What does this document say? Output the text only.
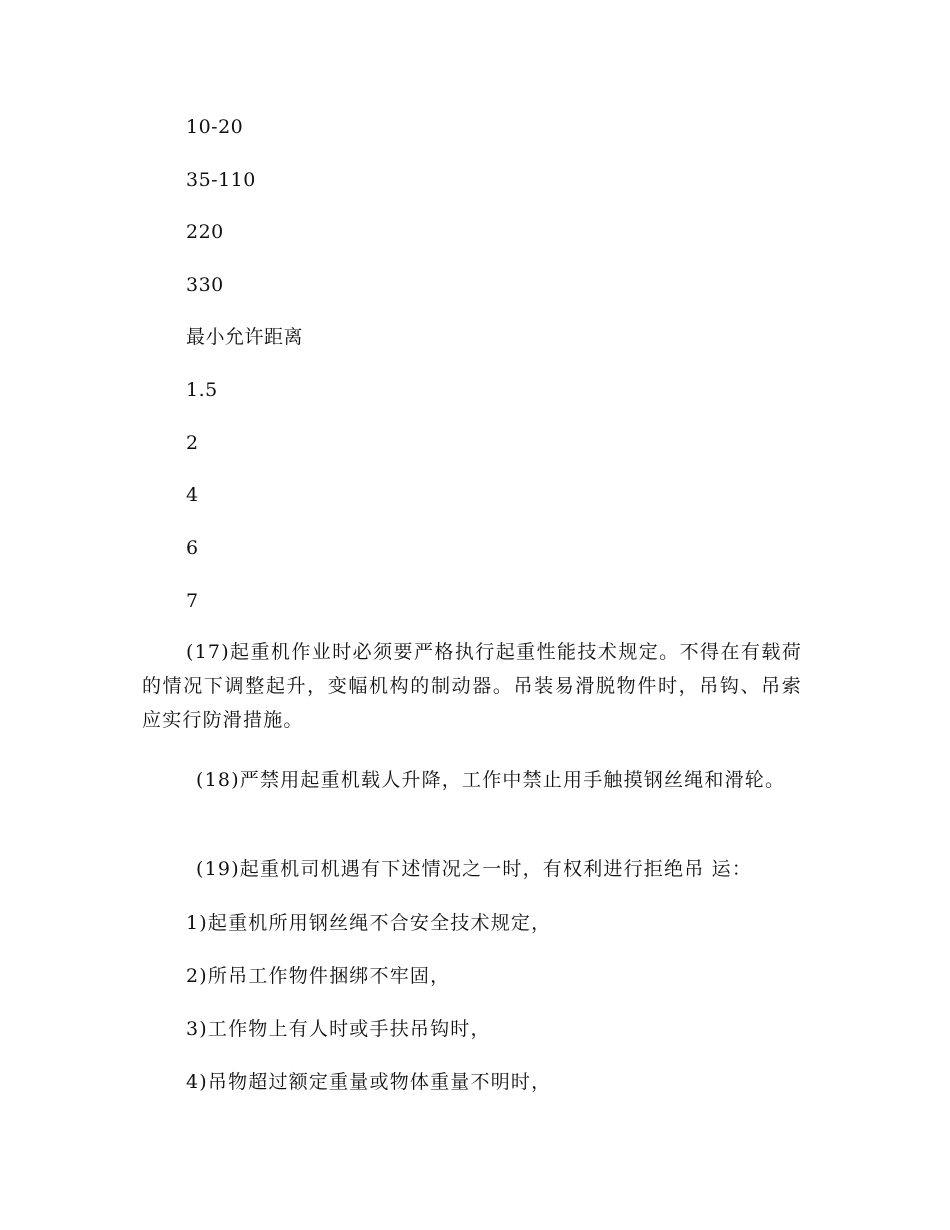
10-20
35-110
220
330
最小允许距离
1.5
2
4
6
7
(17)起重机作业时必须要严格执行起重性能技术规定。不得在有载荷的情况下调整起升，变幅机构的制动器。吊装易滑脱物件时，吊钩、吊索应实行防滑措施。
(18)严禁用起重机载人升降，工作中禁止用手触摸钢丝绳和滑轮。
(19)起重机司机遇有下述情况之一时，有权利进行拒绝吊 运：
1)起重机所用钢丝绳不合安全技术规定，
2)所吊工作物件捆绑不牢固，
3)工作物上有人时或手扶吊钩时，
4)吊物超过额定重量或物体重量不明时，
